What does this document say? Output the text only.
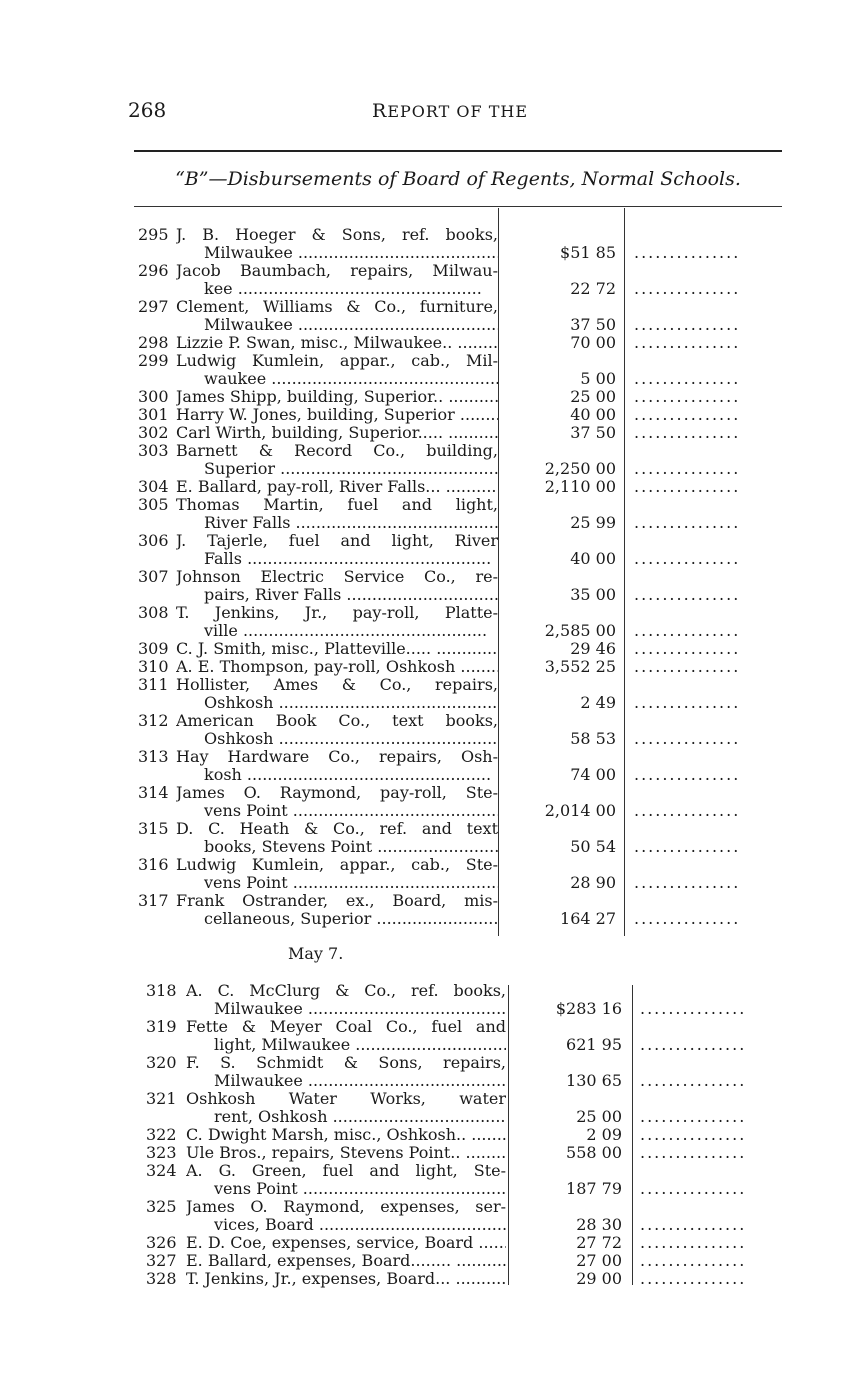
268	REPORT OF THE
“B”—Disbursements of Board of Regents, Normal Schools.
295 J. B. Hoeger & Sons, ref. books,
Milwaukee .....	$51 85 ...............
296 Jacob Baumbach, repairs, Milwau-
kee .....	22 72 ...............
297 Clement, Williams & Co., furniture,
Milwaukee .....	37 50 ...............
298 Lizzie P. Swan, misc., Milwaukee.. .....	70 00 ...............
299 Ludwig Kumlein, appar., cab., Mil-
waukee .....	5 00 ...............
300 James Shipp, building, Superior.. .....	25 00 ...............
301 Harry W. Jones, building, Superior .....	40 00 ...............
302 Carl Wirth, building, Superior..... .....	37 50 ...............
303 Barnett & Record Co., building,
Superior .....	2,250 00 ...............
304 E. Ballard, pay-roll, River Falls... .....	2,110 00 ...............
305 Thomas Martin, fuel and light,
River Falls .....	25 99 ...............
306 J. Tajerle, fuel and light, River
Falls .....	40 00 ...............
307 Johnson Electric Service Co., re-
pairs, River Falls .....	35 00 ...............
308 T. Jenkins, Jr., pay-roll, Platte-
ville .....	2,585 00 ...............
309 C. J. Smith, misc., Platteville..... .....	29 46 ...............
310 A. E. Thompson, pay-roll, Oshkosh .....	3,552 25 ...............
311 Hollister, Ames & Co., repairs,
Oshkosh .....	2 49 ...............
312 American Book Co., text books,
Oshkosh .....	58 53 ...............
313 Hay Hardware Co., repairs, Osh-
kosh .....	74 00 ...............
314 James O. Raymond, pay-roll, Ste-
vens Point .....	2,014 00 ...............
315 D. C. Heath & Co., ref. and text
books, Stevens Point .....	50 54 ...............
316 Ludwig Kumlein, appar., cab., Ste-
vens Point .....	28 90 ...............
317 Frank Ostrander, ex., Board, mis-
cellaneous, Superior .....	164 27 ...............
May 7.
318 A. C. McClurg & Co., ref. books,
Milwaukee .....	$283 16 ...............
319 Fette & Meyer Coal Co., fuel and
light, Milwaukee .....	621 95 ...............
320 F. S. Schmidt & Sons, repairs,
Milwaukee .....	130 65 ...............
321 Oshkosh Water Works, water
rent, Oshkosh .....	25 00 ...............
322 C. Dwight Marsh, misc., Oshkosh.. .....	2 09 ...............
323 Ule Bros., repairs, Stevens Point.. .....	558 00 ...............
324 A. G. Green, fuel and light, Ste-
vens Point .....	187 79 ...............
325 James O. Raymond, expenses, ser-
vices, Board .....	28 30 ...............
326 E. D. Coe, expenses, service, Board .....	27 72 ...............
327 E. Ballard, expenses, Board........ .....	27 00 ...............
328 T. Jenkins, Jr., expenses, Board... .....	29 00 ...............
